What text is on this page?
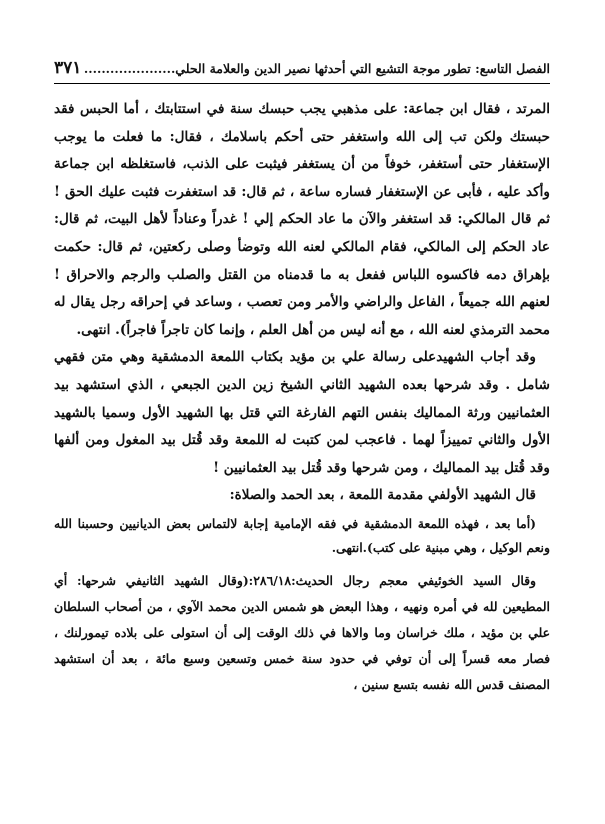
الفصل التاسع: تطور موجة التشيع التي أحدثها نصير الدين والعلامة الحلي.....................
٣٧١

المرتد ، فقال ابن جماعة: على مذهبي يجب حبسك سنة في استتابتك ، أما الحبس فقد حبستك ولكن تب إلى الله واستغفر حتى أحكم باسلامك ، فقال: ما فعلت ما يوجب الإستغفار حتى أستغفر، خوفاً من أن يستغفر فيثبت على الذنب، فاستغلظه ابن جماعة وأكد عليه ، فأبى عن الإستغفار فساره ساعة ، ثم قال: قد استغفرت فثبت عليك الحق ! ثم قال المالكي: قد استغفر والآن ما عاد الحكم إلي ! غدراً وعناداً لأهل البيت، ثم قال: عاد الحكم إلى المالكي، فقام المالكي لعنه الله وتوضأ وصلى ركعتين، ثم قال: حكمت بإهراق دمه فاكسوه اللباس ففعل به ما قدمناه من القتل والصلب والرجم والاحراق ! لعنهم الله جميعاً ، الفاعل والراضي والأمر ومن تعصب ، وساعد في إحراقه رجل يقال له محمد الترمذي لعنه الله ، مع أنه ليس من أهل العلم ، وإنما كان تاجراً فاجراً). انتهى.

وقد أجاب الشهيدعلى رسالة علي بن مؤيد بكتاب اللمعة الدمشقية وهي متن فقهي شامل . وقد شرحها بعده الشهيد الثاني الشيخ زين الدين الجبعي ، الذي استشهد بيد العثمانيين ورثة المماليك بنفس التهم الفارغة التي قتل بها الشهيد الأول وسميا بالشهيد الأول والثاني تمييزاً لهما . فاعجب لمن كتبت له اللمعة وقد قُتل بيد المغول ومن ألفها وقد قُتل بيد المماليك ، ومن شرحها وقد قُتل بيد العثمانيين !

قال الشهيد الأولفي مقدمة اللمعة ، بعد الحمد والصلاة:

(أما بعد ، فهذه اللمعة الدمشقية في فقه الإمامية إجابة لالتماس بعض الديانيين وحسبنا الله ونعم الوكيل ، وهي مبنية على كتب).انتهى.

وقال السيد الخوئيفي معجم رجال الحديث:٢٨٦/١٨:(وقال الشهيد الثانيفي شرحها: أي المطيعين لله في أمره ونهيه ، وهذا البعض هو شمس الدين محمد الآوي ، من أصحاب السلطان علي بن مؤيد ، ملك خراسان وما والاها في ذلك الوقت إلى أن استولى على بلاده تيمورلنك ، فصار معه قسراً إلى أن توفي في حدود سنة خمس وتسعين وسبع مائة ، بعد أن استشهد المصنف قدس الله نفسه بتسع سنين ،
